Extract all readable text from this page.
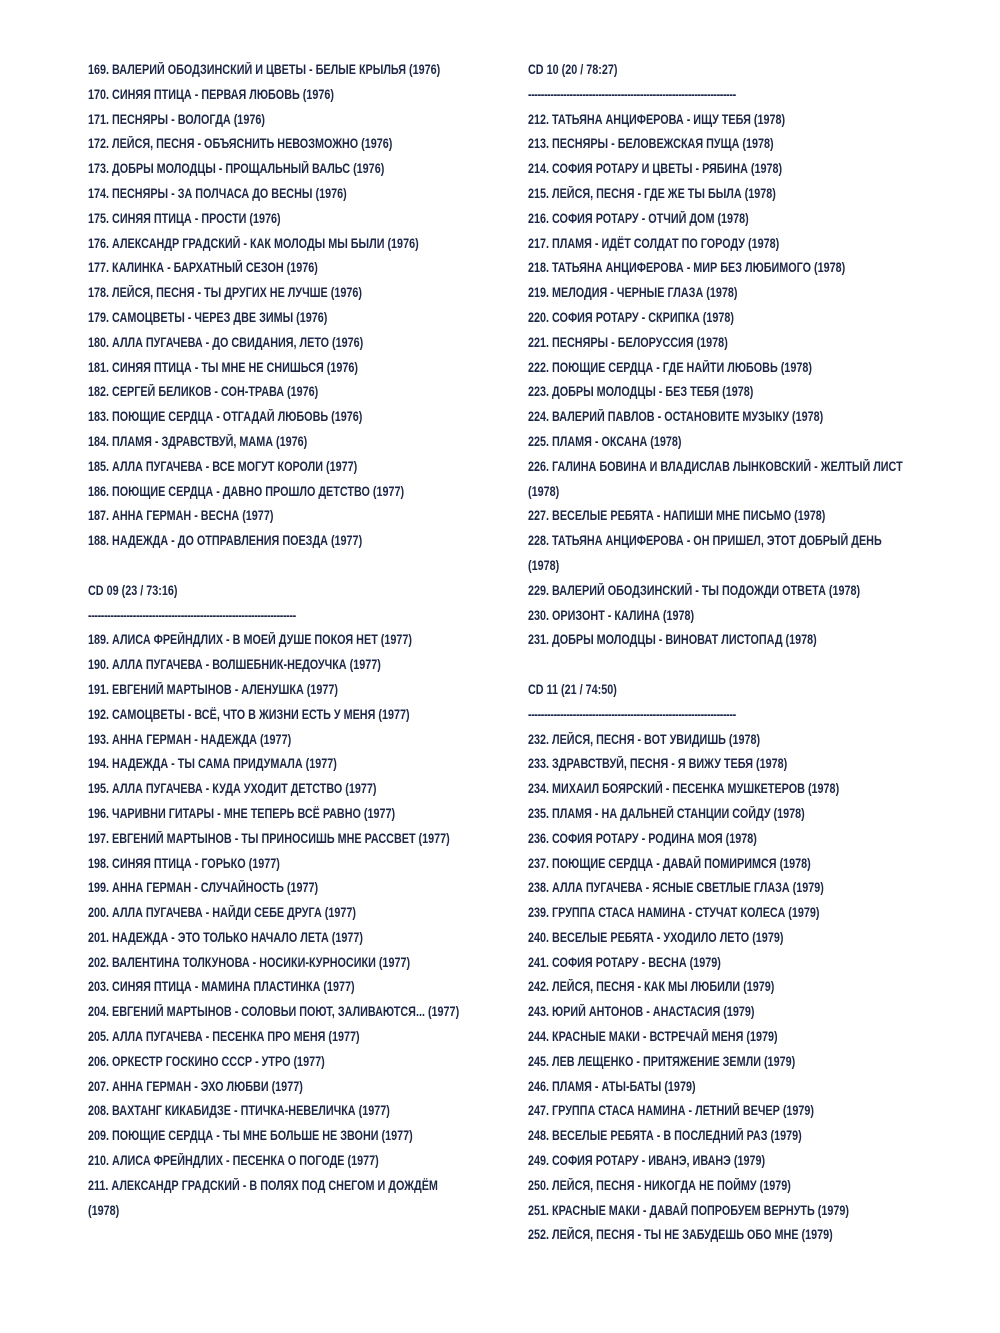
169. ВАЛЕРИЙ ОБОДЗИНСКИЙ И ЦВЕТЫ - БЕЛЫЕ КРЫЛЬЯ (1976)
170. СИНЯЯ ПТИЦА - ПЕРВАЯ ЛЮБОВЬ (1976)
171. ПЕСНЯРЫ - ВОЛОГДА (1976)
172. ЛЕЙСЯ, ПЕСНЯ - ОБЪЯСНИТЬ НЕВОЗМОЖНО (1976)
173. ДОБРЫ МОЛОДЦЫ - ПРОЩАЛЬНЫЙ ВАЛЬС (1976)
174. ПЕСНЯРЫ - ЗА ПОЛЧАСА ДО ВЕСНЫ (1976)
175. СИНЯЯ ПТИЦА - ПРОСТИ (1976)
176. АЛЕКСАНДР ГРАДСКИЙ - КАК МОЛОДЫ МЫ БЫЛИ (1976)
177. КАЛИНКА - БАРХАТНЫЙ СЕЗОН (1976)
178. ЛЕЙСЯ, ПЕСНЯ - ТЫ ДРУГИХ НЕ ЛУЧШЕ (1976)
179. САМОЦВЕТЫ - ЧЕРЕЗ ДВЕ ЗИМЫ (1976)
180. АЛЛА ПУГАЧЕВА - ДО СВИДАНИЯ, ЛЕТО (1976)
181. СИНЯЯ ПТИЦА - ТЫ МНЕ НЕ СНИШЬСЯ (1976)
182. СЕРГЕЙ БЕЛИКОВ - СОН-ТРАВА (1976)
183. ПОЮЩИЕ СЕРДЦА - ОТГАДАЙ ЛЮБОВЬ (1976)
184. ПЛАМЯ - ЗДРАВСТВУЙ, МАМА (1976)
185. АЛЛА ПУГАЧЕВА - ВСЕ МОГУТ КОРОЛИ (1977)
186. ПОЮЩИЕ СЕРДЦА - ДАВНО ПРОШЛО ДЕТСТВО (1977)
187. АННА ГЕРМАН - ВЕСНА (1977)
188. НАДЕЖДА - ДО ОТПРАВЛЕНИЯ ПОЕЗДА (1977)
CD 09 (23 / 73:16)
-----------------------------------------------------------------
189. АЛИСА ФРЕЙНДЛИХ - В МОЕЙ ДУШЕ ПОКОЯ НЕТ (1977)
190. АЛЛА ПУГАЧЕВА - ВОЛШЕБНИК-НЕДОУЧКА (1977)
191. ЕВГЕНИЙ МАРТЫНОВ - АЛЕНУШКА (1977)
192. САМОЦВЕТЫ - ВСЁ, ЧТО В ЖИЗНИ ЕСТЬ У МЕНЯ (1977)
193. АННА ГЕРМАН - НАДЕЖДА (1977)
194. НАДЕЖДА - ТЫ САМА ПРИДУМАЛА (1977)
195. АЛЛА ПУГАЧЕВА - КУДА УХОДИТ ДЕТСТВО (1977)
196. ЧАРИВНИ ГИТАРЫ - МНЕ ТЕПЕРЬ ВСЁ РАВНО (1977)
197. ЕВГЕНИЙ МАРТЫНОВ - ТЫ ПРИНОСИШЬ МНЕ РАССВЕТ (1977)
198. СИНЯЯ ПТИЦА - ГОРЬКО (1977)
199. АННА ГЕРМАН - СЛУЧАЙНОСТЬ (1977)
200. АЛЛА ПУГАЧЕВА - НАЙДИ СЕБЕ ДРУГА (1977)
201. НАДЕЖДА - ЭТО ТОЛЬКО НАЧАЛО ЛЕТА (1977)
202. ВАЛЕНТИНА ТОЛКУНОВА - НОСИКИ-КУРНОСИКИ (1977)
203. СИНЯЯ ПТИЦА - МАМИНА ПЛАСТИНКА (1977)
204. ЕВГЕНИЙ МАРТЫНОВ - СОЛОВЬИ ПОЮТ, ЗАЛИВАЮТСЯ... (1977)
205. АЛЛА ПУГАЧЕВА - ПЕСЕНКА ПРО МЕНЯ (1977)
206. ОРКЕСТР ГОСКИНО СССР - УТРО (1977)
207. АННА ГЕРМАН - ЭХО ЛЮБВИ (1977)
208. ВАХТАНГ КИКАБИДЗЕ - ПТИЧКА-НЕВЕЛИЧКА (1977)
209. ПОЮЩИЕ СЕРДЦА - ТЫ МНЕ БОЛЬШЕ НЕ ЗВОНИ (1977)
210. АЛИСА ФРЕЙНДЛИХ - ПЕСЕНКА О ПОГОДЕ (1977)
211. АЛЕКСАНДР ГРАДСКИЙ - В ПОЛЯХ ПОД СНЕГОМ И ДОЖДЁМ (1978)
CD 10 (20 / 78:27)
-----------------------------------------------------------------
212. ТАТЬЯНА АНЦИФЕРОВА - ИЩУ ТЕБЯ (1978)
213. ПЕСНЯРЫ - БЕЛОВЕЖСКАЯ ПУЩА (1978)
214. СОФИЯ РОТАРУ И ЦВЕТЫ - РЯБИНА (1978)
215. ЛЕЙСЯ, ПЕСНЯ - ГДЕ ЖЕ ТЫ БЫЛА (1978)
216. СОФИЯ РОТАРУ - ОТЧИЙ ДОМ (1978)
217. ПЛАМЯ - ИДЁТ СОЛДАТ ПО ГОРОДУ (1978)
218. ТАТЬЯНА АНЦИФЕРОВА - МИР БЕЗ ЛЮБИМОГО (1978)
219. МЕЛОДИЯ - ЧЕРНЫЕ ГЛАЗА (1978)
220. СОФИЯ РОТАРУ - СКРИПКА (1978)
221. ПЕСНЯРЫ - БЕЛОРУССИЯ (1978)
222. ПОЮЩИЕ СЕРДЦА - ГДЕ НАЙТИ ЛЮБОВЬ (1978)
223. ДОБРЫ МОЛОДЦЫ - БЕЗ ТЕБЯ (1978)
224. ВАЛЕРИЙ ПАВЛОВ - ОСТАНОВИТЕ МУЗЫКУ (1978)
225. ПЛАМЯ - ОКСАНА (1978)
226. ГАЛИНА БОВИНА И ВЛАДИСЛАВ ЛЫНКОВСКИЙ - ЖЕЛТЫЙ ЛИСТ (1978)
227. ВЕСЕЛЫЕ РЕБЯТА - НАПИШИ МНЕ ПИСЬМО (1978)
228. ТАТЬЯНА АНЦИФЕРОВА - ОН ПРИШЕЛ, ЭТОТ ДОБРЫЙ ДЕНЬ (1978)
229. ВАЛЕРИЙ ОБОДЗИНСКИЙ - ТЫ ПОДОЖДИ ОТВЕТА (1978)
230. ОРИЗОНТ - КАЛИНА (1978)
231. ДОБРЫ МОЛОДЦЫ - ВИНОВАТ ЛИСТОПАД (1978)
CD 11 (21 / 74:50)
-----------------------------------------------------------------
232. ЛЕЙСЯ, ПЕСНЯ - ВОТ УВИДИШЬ (1978)
233. ЗДРАВСТВУЙ, ПЕСНЯ - Я ВИЖУ ТЕБЯ (1978)
234. МИХАИЛ БОЯРСКИЙ - ПЕСЕНКА МУШКЕТЕРОВ (1978)
235. ПЛАМЯ - НА ДАЛЬНЕЙ СТАНЦИИ СОЙДУ (1978)
236. СОФИЯ РОТАРУ - РОДИНА МОЯ (1978)
237. ПОЮЩИЕ СЕРДЦА - ДАВАЙ ПОМИРИМСЯ (1978)
238. АЛЛА ПУГАЧЕВА - ЯСНЫЕ СВЕТЛЫЕ ГЛАЗА (1979)
239. ГРУППА СТАСА НАМИНА - СТУЧАТ КОЛЕСА (1979)
240. ВЕСЕЛЫЕ РЕБЯТА - УХОДИЛО ЛЕТО (1979)
241. СОФИЯ РОТАРУ - ВЕСНА (1979)
242. ЛЕЙСЯ, ПЕСНЯ - КАК МЫ ЛЮБИЛИ (1979)
243. ЮРИЙ АНТОНОВ - АНАСТАСИЯ (1979)
244. КРАСНЫЕ МАКИ - ВСТРЕЧАЙ МЕНЯ (1979)
245. ЛЕВ ЛЕЩЕНКО - ПРИТЯЖЕНИЕ ЗЕМЛИ (1979)
246. ПЛАМЯ - АТЫ-БАТЫ (1979)
247. ГРУППА СТАСА НАМИНА - ЛЕТНИЙ ВЕЧЕР (1979)
248. ВЕСЕЛЫЕ РЕБЯТА - В ПОСЛЕДНИЙ РАЗ (1979)
249. СОФИЯ РОТАРУ - ИВАНЭ, ИВАНЭ (1979)
250. ЛЕЙСЯ, ПЕСНЯ - НИКОГДА НЕ ПОЙМУ (1979)
251. КРАСНЫЕ МАКИ - ДАВАЙ ПОПРОБУЕМ ВЕРНУТЬ (1979)
252. ЛЕЙСЯ, ПЕСНЯ - ТЫ НЕ ЗАБУДЕШЬ ОБО МНЕ (1979)
